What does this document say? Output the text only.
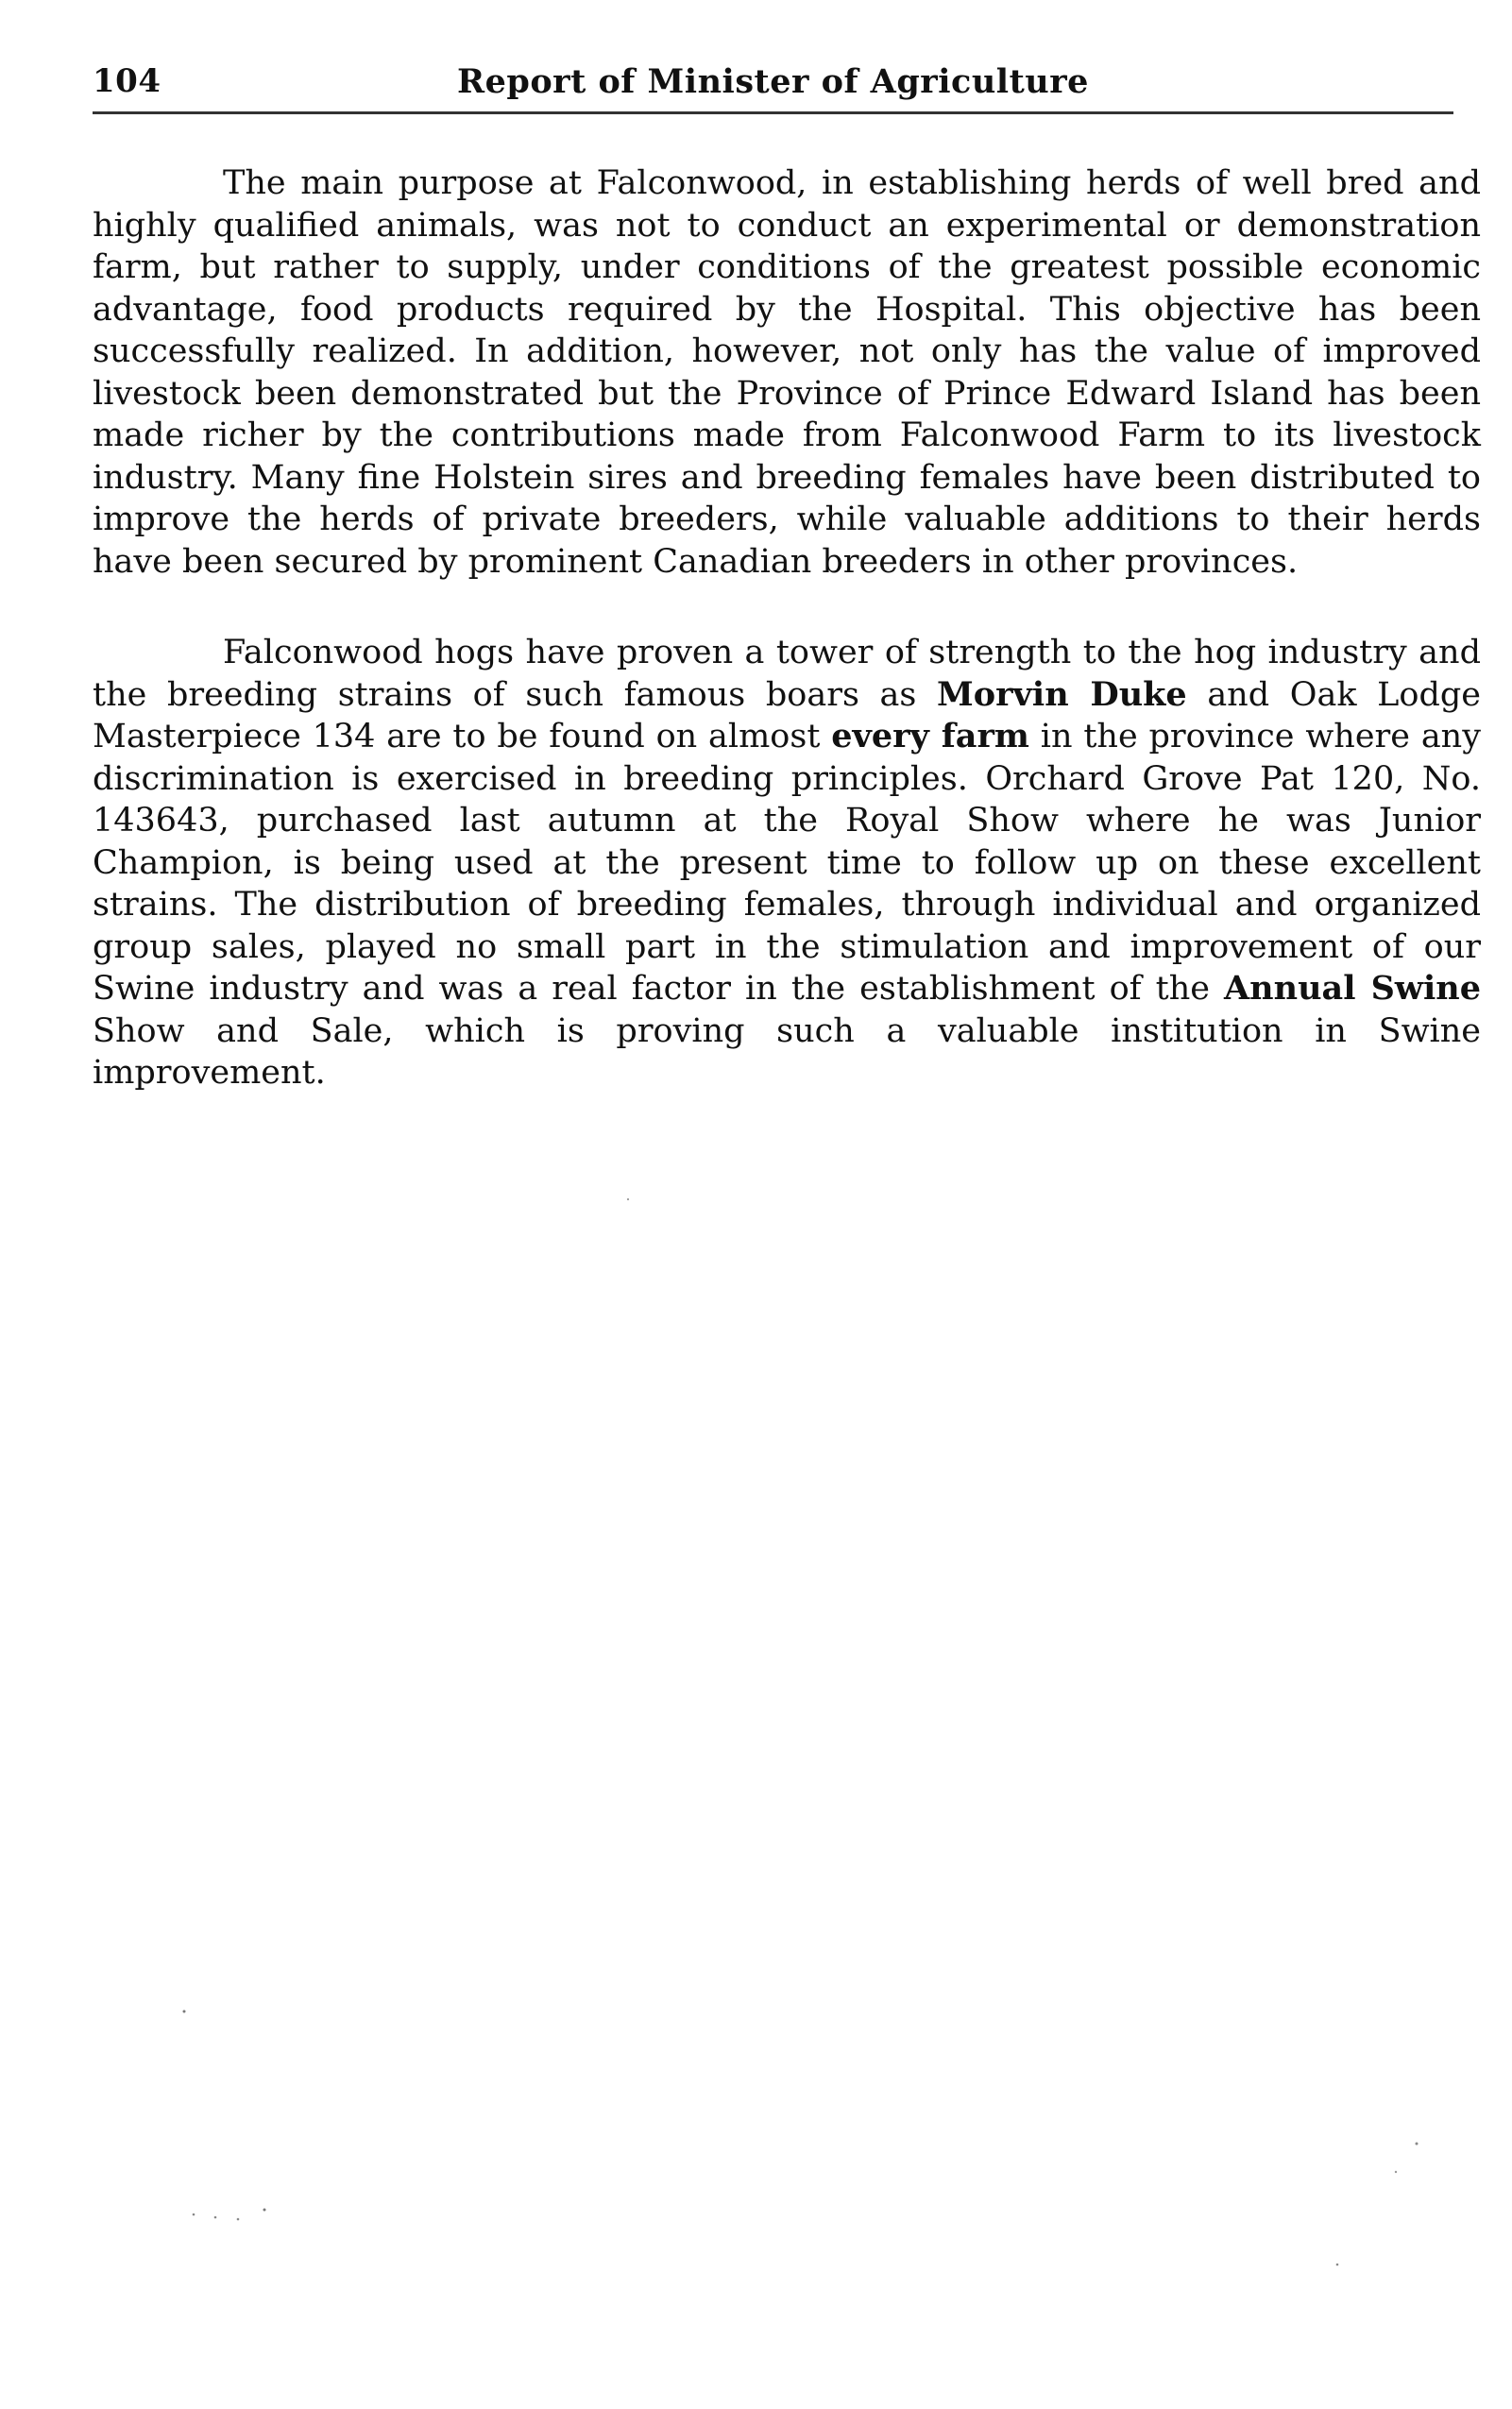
104	Report of Minister of Agriculture

The main purpose at Falconwood, in establishing herds of well bred and highly qualified animals, was not to conduct an experimental or demonstration farm, but rather to supply, under conditions of the greatest possible economic advantage, food products required by the Hospital. This objective has been successfully realized. In addition, however, not only has the value of improved livestock been demonstrated but the Province of Prince Edward Island has been made richer by the contributions made from Falconwood Farm to its livestock industry. Many fine Holstein sires and breeding females have been distributed to improve the herds of private breeders, while valuable additions to their herds have been secured by prominent Canadian breeders in other provinces.

Falconwood hogs have proven a tower of strength to the hog industry and the breeding strains of such famous boars as Morvin Duke and Oak Lodge Masterpiece 134 are to be found on almost every farm in the province where any discrimination is exercised in breeding principles. Orchard Grove Pat 120, No. 143643, purchased last autumn at the Royal Show where he was Junior Champion, is being used at the present time to follow up on these excellent strains. The distribution of breeding females, through individual and organized group sales, played no small part in the stimulation and improvement of our Swine industry and was a real factor in the establishment of the Annual Swine Show and Sale, which is proving such a valuable institution in Swine improvement.
